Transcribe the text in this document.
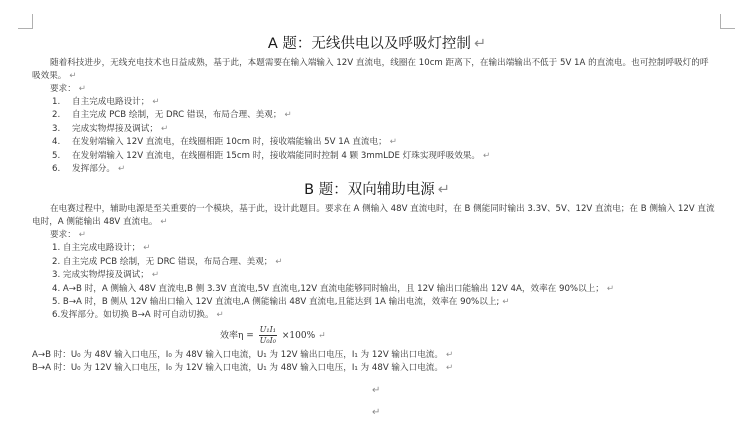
A 题：无线供电以及呼吸灯控制 ↵

随着科技进步，无线充电技术也日益成熟，基于此，本题需要在输入端输入 12V 直流电，线圈在 10cm 距离下，在输出端输出不低于 5V 1A 的直流电。也可控制呼吸灯的呼

吸效果。 ↵

要求： ↵

1.	自主完成电路设计； ↵
2.	自主完成 PCB 绘制，无 DRC 错误，布局合理、美观； ↵
3.	完成实物焊接及调试； ↵
4.	在发射端输入 12V 直流电，在线圈相距 10cm 时，接收端能输出 5V 1A 直流电； ↵
5.	在发射端输入 12V 直流电，在线圈相距 15cm 时，接收端能同时控制 4 颗 3mmLDE 灯珠实现呼吸效果。 ↵
6.	发挥部分。 ↵
B 题：双向辅助电源 ↵

在电赛过程中，辅助电源是至关重要的一个模块，基于此，设计此题目。要求在 A 侧输入 48V 直流电时，在 B 侧能同时输出 3.3V、5V、12V 直流电；在 B 侧输入 12V 直流

电时，A 侧能输出 48V 直流电。 ↵

要求： ↵

1. 自主完成电路设计； ↵

2. 自主完成 PCB 绘制，无 DRC 错误，布局合理、美观； ↵

3. 完成实物焊接及调试； ↵

4. A→B 时，A 侧输入 48V 直流电,B 侧 3.3V 直流电,5V 直流电,12V 直流电能够同时输出，且 12V 输出口能输出 12V 4A，效率在 90%以上； ↵

5. B→A 时，B 侧从 12V 输出口输入 12V 直流电,A 侧能输出 48V 直流电,且能达到 1A 输出电流，效率在 90%以上; ↵

6.发挥部分。如切换 B→A 时可自动切换。 ↵

效率$\eta = \frac{\text{U₁I₁}}{\text{U₀I₀}} \times 100\%$ ↵

A→B 时：U₀ 为 48V 输入口电压，I₀ 为 48V 输入口电流，U₁ 为 12V 输出口电压，I₁ 为 12V 输出口电流。 ↵

B→A 时：U₀ 为 12V 输入口电压，I₀ 为 12V 输入口电流，U₁ 为 48V 输入口电压，I₁ 为 48V 输入口电流。 ↵

↵
↵
